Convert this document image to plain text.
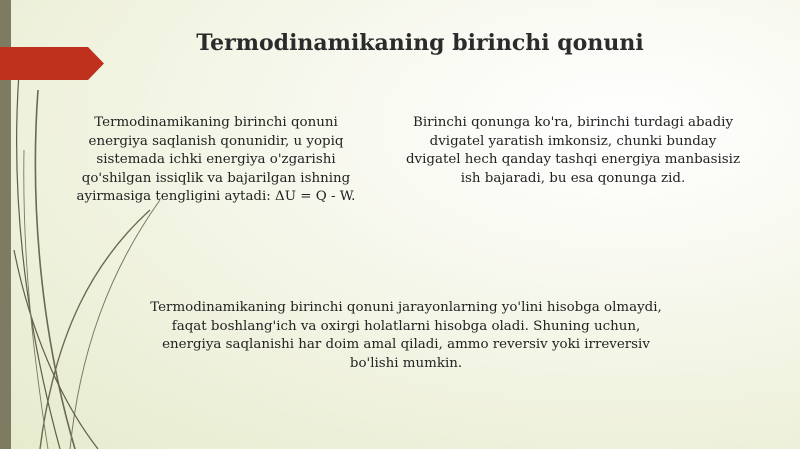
Termodinamikaning birinchi qonuni
Termodinamikaning birinchi qonuni energiya saqlanish qonunidir, u yopiq sistemada ichki energiya o'zgarishi qo'shilgan issiqlik va bajarilgan ishning ayirmasiga tengligini aytadi: ΔU = Q - W.
Birinchi qonunga ko'ra, birinchi turdagi abadiy dvigatel yaratish imkonsiz, chunki bunday dvigatel hech qanday tashqi energiya manbasisiz ish bajaradi, bu esa qonunga zid.
Termodinamikaning birinchi qonuni jarayonlarning yo'lini hisobga olmaydi, faqat boshlang'ich va oxirgi holatlarni hisobga oladi. Shuning uchun, energiya saqlanishi har doim amal qiladi, ammo reversiv yoki irreversiv bo'lishi mumkin.
